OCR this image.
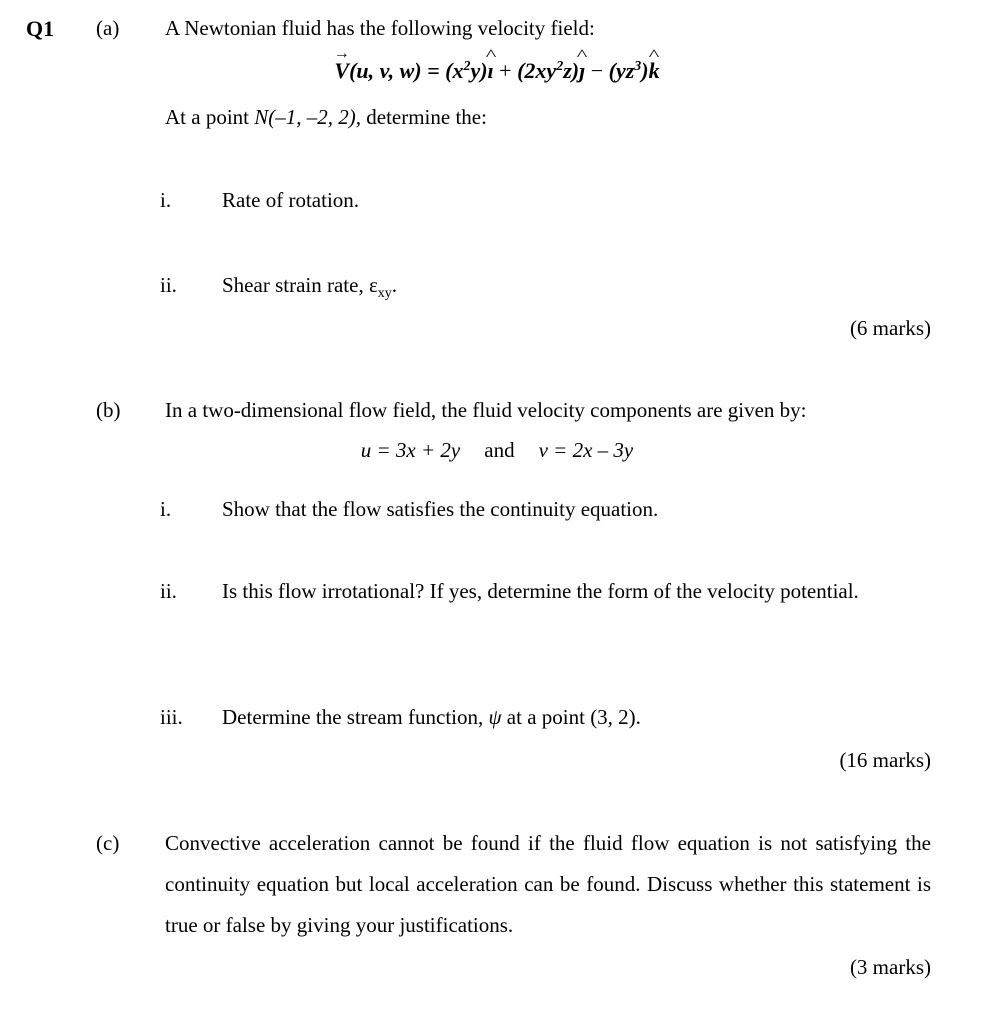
Q1 (a) A Newtonian fluid has the following velocity field:
→ V(u, v, $w) = (x^2y)\^{}$ ı + $(2xy^2z)\^{}$ ȷ − $(yz^3)\^{}$ k
At a point N(–1, –2, 2), determine the:
i.	Rate of rotation.
ii.	Shear strain rate, $\varepsilon_{xy}$.
(6 marks)
(b) In a two-dimensional flow field, the fluid velocity components are given by:
u = 3x + 2y and v = 2x – 3y
i.	Show that the flow satisfies the continuity equation.
ii.	Is this flow irrotational? If yes, determine the form of the velocity potential.
iii.	Determine the stream function, ψ at a point (3, 2).
(16 marks)
(c) Convective acceleration cannot be found if the fluid flow equation is not satisfying the continuity equation but local acceleration can be found. Discuss whether this statement is true or false by giving your justifications.
(3 marks)
